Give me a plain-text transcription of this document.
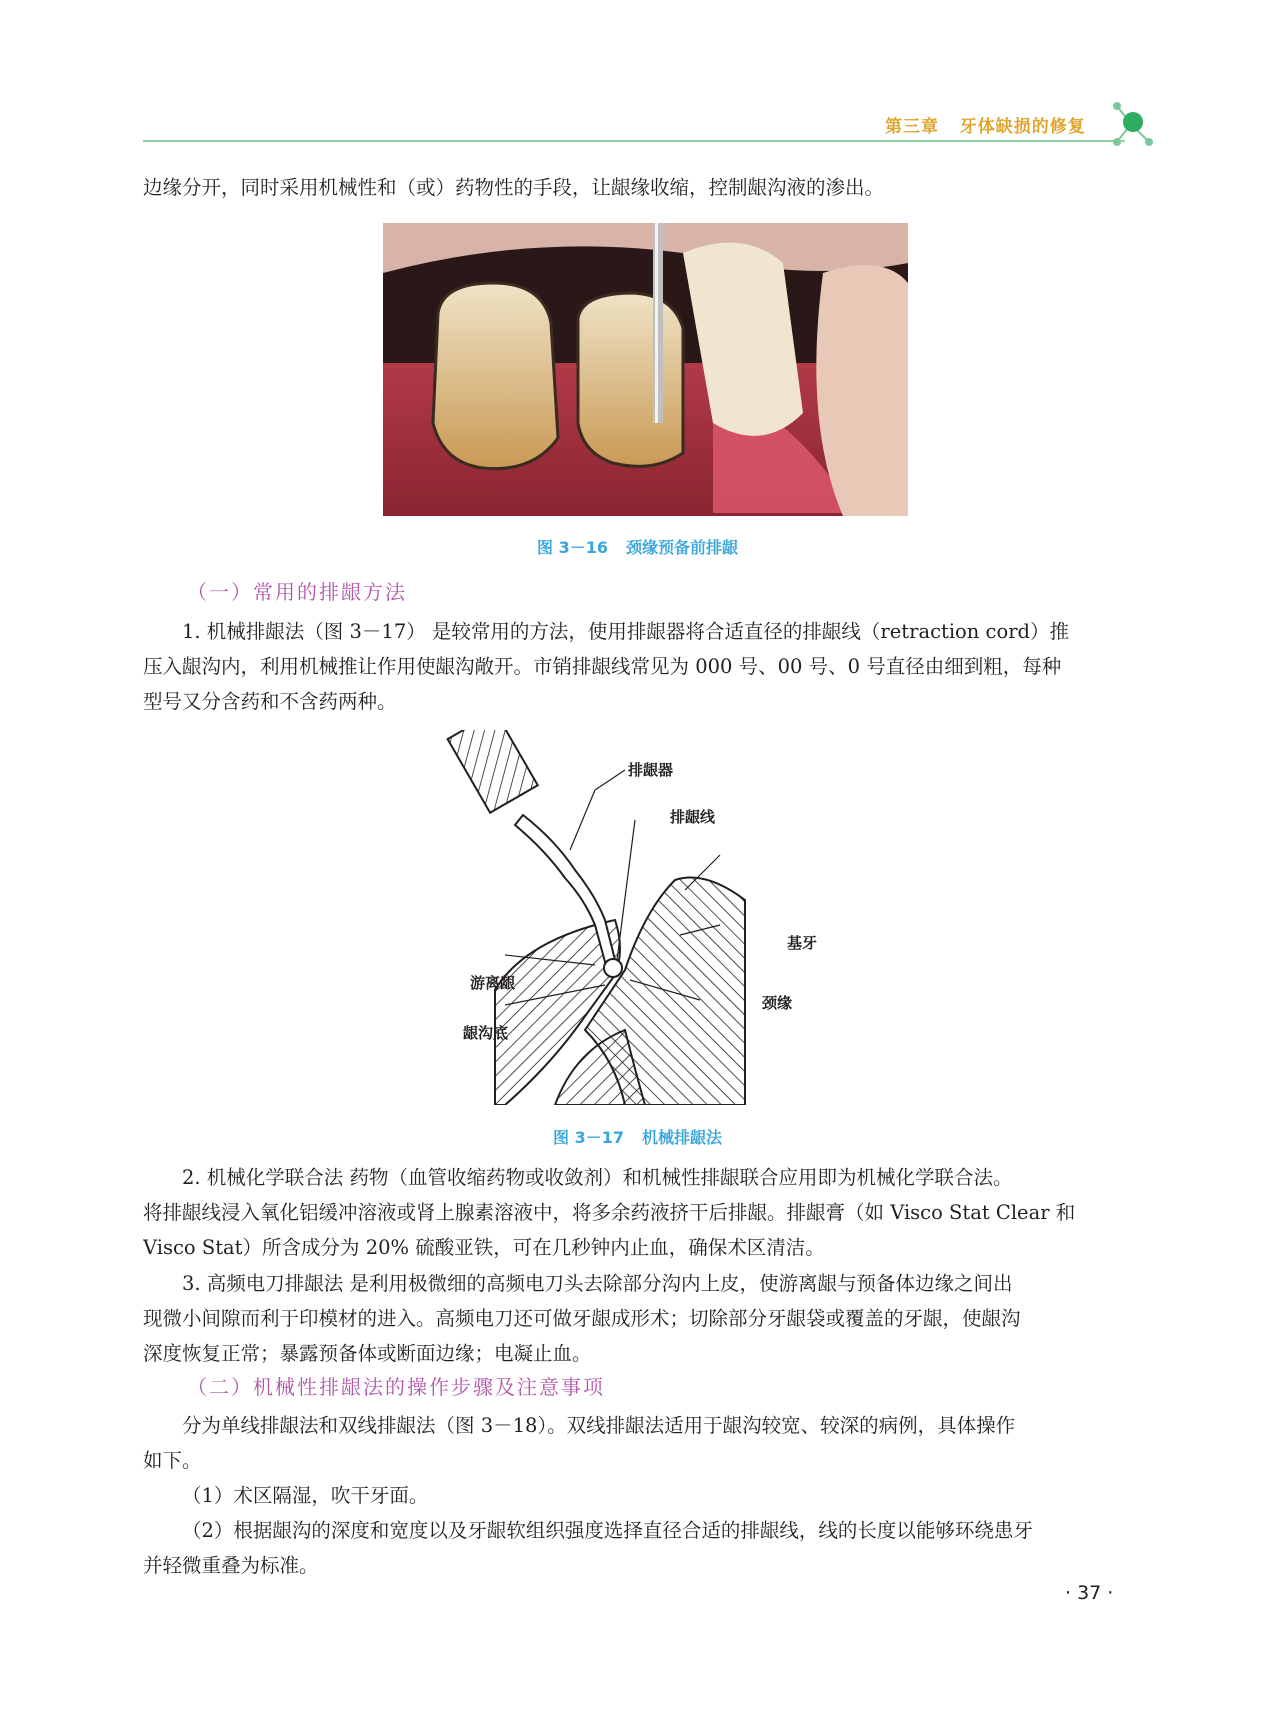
第三章 牙体缺损的修复
边缘分开，同时采用机械性和（或）药物性的手段，让龈缘收缩，控制龈沟液的渗出。
图 3－16 颈缘预备前排龈
（一）常用的排龈方法
1. 机械排龈法（图 3－17） 是较常用的方法，使用排龈器将合适直径的排龈线（retraction cord）推
压入龈沟内，利用机械推让作用使龈沟敞开。市销排龈线常见为 000 号、00 号、0 号直径由细到粗，每种
型号又分含药和不含药两种。
排龈器
排龈线
基牙
游离龈
颈缘
龈沟底
图 3－17 机械排龈法
2. 机械化学联合法 药物（血管收缩药物或收敛剂）和机械性排龈联合应用即为机械化学联合法。
将排龈线浸入氧化铝缓冲溶液或肾上腺素溶液中，将多余药液挤干后排龈。排龈膏（如 Visco Stat Clear 和
Visco Stat）所含成分为 20% 硫酸亚铁，可在几秒钟内止血，确保术区清洁。
3. 高频电刀排龈法 是利用极微细的高频电刀头去除部分沟内上皮，使游离龈与预备体边缘之间出
现微小间隙而利于印模材的进入。高频电刀还可做牙龈成形术；切除部分牙龈袋或覆盖的牙龈，使龈沟
深度恢复正常；暴露预备体或断面边缘；电凝止血。
（二）机械性排龈法的操作步骤及注意事项
分为单线排龈法和双线排龈法（图 3－18）。双线排龈法适用于龈沟较宽、较深的病例，具体操作
如下。
（1）术区隔湿，吹干牙面。
（2）根据龈沟的深度和宽度以及牙龈软组织强度选择直径合适的排龈线，线的长度以能够环绕患牙
并轻微重叠为标准。
· 37 ·
